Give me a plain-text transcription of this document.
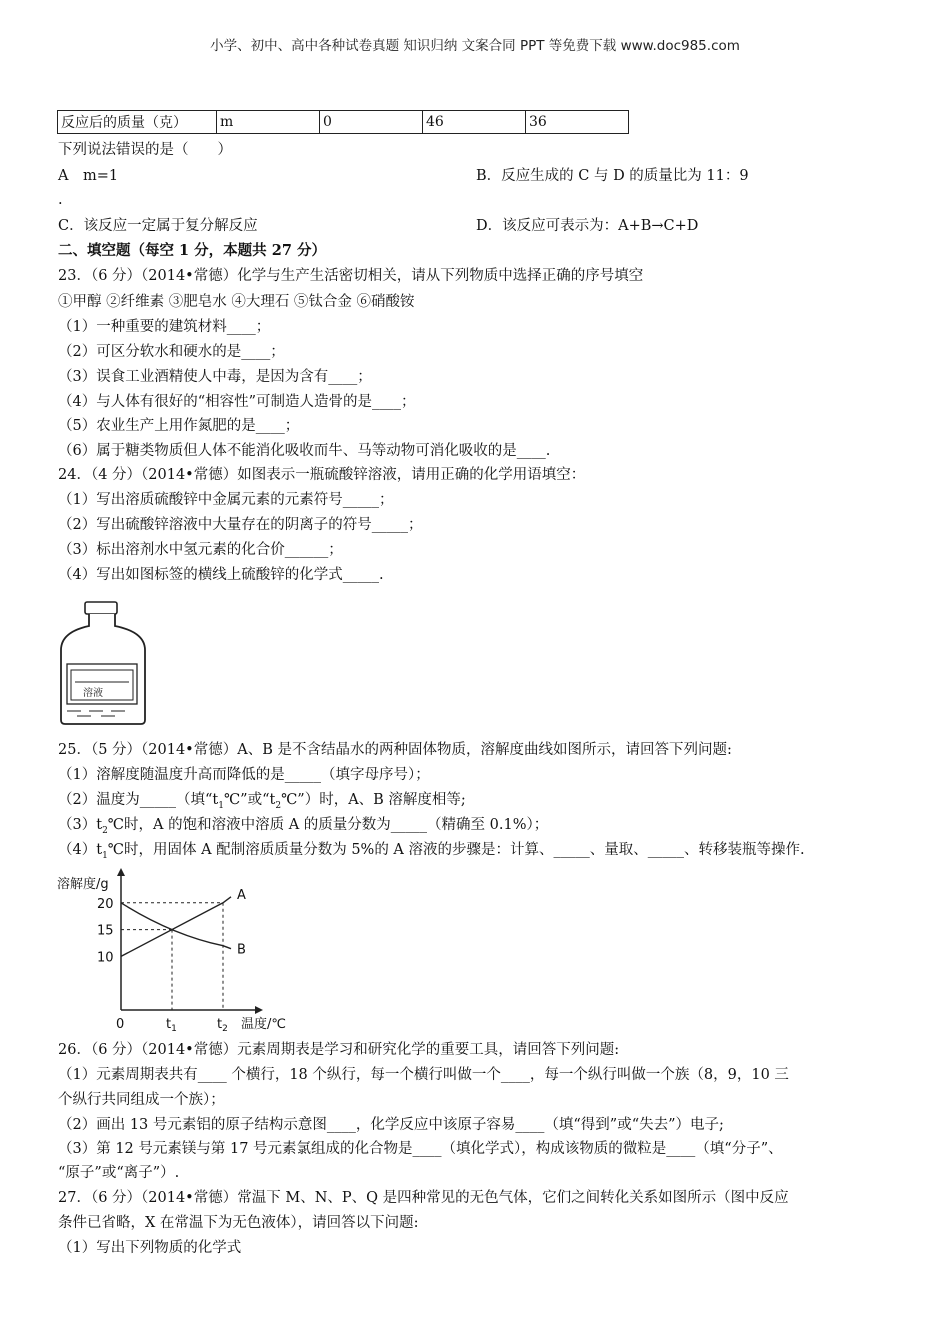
小学、初中、高中各种试卷真题 知识归纳 文案合同 PPT 等免费下载 www.doc985.com
反应后的质量（克）	m	0	46	36
下列说法错误的是（　　）
A　m=1	B．反应生成的 C 与 D 的质量比为 11：9
.
C．该反应一定属于复分解反应	D．该反应可表示为：A+B→C+D
二、填空题（每空 1 分，本题共 27 分）
23．（6 分）（2014•常德）化学与生产生活密切相关，请从下列物质中选择正确的序号填空
①甲醇 ②纤维素 ③肥皂水 ④大理石 ⑤钛合金 ⑥硝酸铵
（1）一种重要的建筑材料____；
（2）可区分软水和硬水的是____；
（3）误食工业酒精使人中毒，是因为含有____；
（4）与人体有很好的“相容性”可制造人造骨的是____；
（5）农业生产上用作氮肥的是____；
（6）属于糖类物质但人体不能消化吸收而牛、马等动物可消化吸收的是____.
24．（4 分）（2014•常德）如图表示一瓶硫酸锌溶液，请用正确的化学用语填空：
（1）写出溶质硫酸锌中金属元素的元素符号_____；
（2）写出硫酸锌溶液中大量存在的阴离子的符号_____；
（3）标出溶剂水中氢元素的化合价______；
（4）写出如图标签的横线上硫酸锌的化学式_____.
溶液
25．（5 分）（2014•常德）A、B 是不含结晶水的两种固体物质，溶解度曲线如图所示，请回答下列问题:
（1）溶解度随温度升高而降低的是_____（填字母序号）；
（2）温度为_____（填“$t_1℃$”或“$t_2℃$”）时，A、B 溶解度相等;
$(3)t_2℃$时，A 的饱和溶液中溶质 A 的质量分数为_____（精确至 0.1%）；
$(4)t_1℃$时，用固体 A 配制溶质质量分数为 5%的 A 溶液的步骤是：计算、_____、量取、_____、转移装瓶等操作.
溶解度/g
温度/℃
10
15
20
0	$t_1$	$t_2$
A
B
26．（6 分）（2014•常德）元素周期表是学习和研究化学的重要工具，请回答下列问题:
（1）元素周期表共有____ 个横行，18 个纵行，每一个横行叫做一个____，每一个纵行叫做一个族（8，9，10 三
个纵行共同组成一个族）；
（2）画出 13 号元素铝的原子结构示意图____，化学反应中该原子容易____（填“得到”或“失去”）电子;
（3）第 12 号元素镁与第 17 号元素氯组成的化合物是____（填化学式），构成该物质的微粒是____（填“分子”、
“原子”或“离子”）.
27．（6 分）（2014•常德）常温下 M、N、P、Q 是四种常见的无色气体，它们之间转化关系如图所示（图中反应
条件已省略，X 在常温下为无色液体），请回答以下问题:
（1）写出下列物质的化学式
